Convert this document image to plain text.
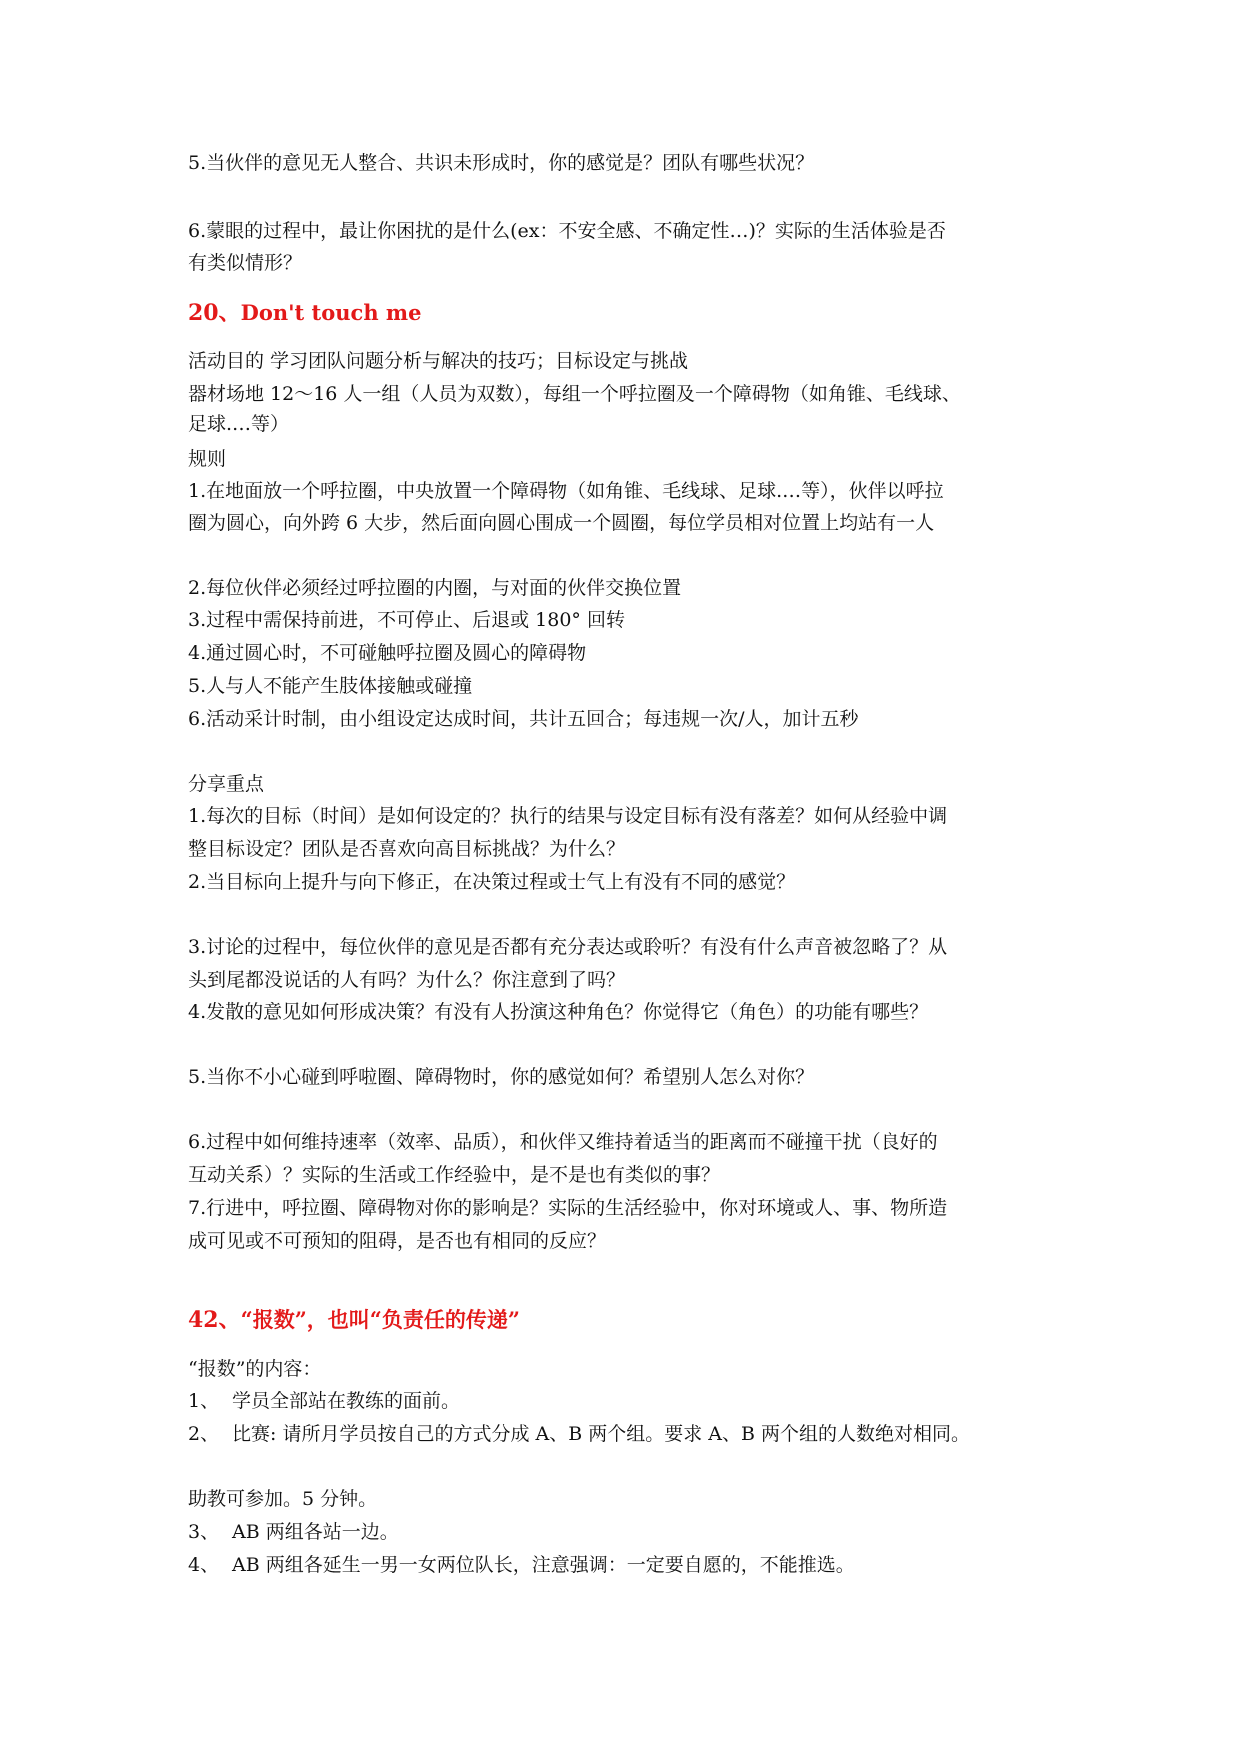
5.当伙伴的意见无人整合、共识未形成时，你的感觉是？团队有哪些状况？
6.蒙眼的过程中，最让你困扰的是什么(ex：不安全感、不确定性…)？实际的生活体验是否
有类似情形？
20、Don't touch me
活动目的 学习团队问题分析与解决的技巧；目标设定与挑战
器材场地 12～16 人一组（人员为双数），每组一个呼拉圈及一个障碍物（如角锥、毛线球、
足球.…等）
规则
1.在地面放一个呼拉圈，中央放置一个障碍物（如角锥、毛线球、足球.…等），伙伴以呼拉
圈为圆心，向外跨 6 大步，然后面向圆心围成一个圆圈，每位学员相对位置上均站有一人
2.每位伙伴必须经过呼拉圈的内圈，与对面的伙伴交换位置
3.过程中需保持前进，不可停止、后退或 180° 回转
4.通过圆心时，不可碰触呼拉圈及圆心的障碍物
5.人与人不能产生肢体接触或碰撞
6.活动采计时制，由小组设定达成时间，共计五回合；每违规一次/人，加计五秒
分享重点
1.每次的目标（时间）是如何设定的？执行的结果与设定目标有没有落差？如何从经验中调
整目标设定？团队是否喜欢向高目标挑战？为什么？
2.当目标向上提升与向下修正，在决策过程或士气上有没有不同的感觉？
3.讨论的过程中，每位伙伴的意见是否都有充分表达或聆听？有没有什么声音被忽略了？从
头到尾都没说话的人有吗？为什么？你注意到了吗？
4.发散的意见如何形成决策？有没有人扮演这种角色？你觉得它（角色）的功能有哪些？
5.当你不小心碰到呼啦圈、障碍物时，你的感觉如何？希望别人怎么对你？
6.过程中如何维持速率（效率、品质），和伙伴又维持着适当的距离而不碰撞干扰（良好的
互动关系）？实际的生活或工作经验中，是不是也有类似的事？
7.行进中，呼拉圈、障碍物对你的影响是？实际的生活经验中，你对环境或人、事、物所造
成可见或不可预知的阻碍，是否也有相同的反应？
42、“报数”，也叫“负责任的传递”
“报数”的内容：
1、 学员全部站在教练的面前。
2、 比赛: 请所月学员按自己的方式分成 A、B 两个组。要求 A、B 两个组的人数绝对相同。
助教可参加。5 分钟。
3、 AB 两组各站一边。
4、 AB 两组各延生一男一女两位队长，注意强调：一定要自愿的，不能推选。
